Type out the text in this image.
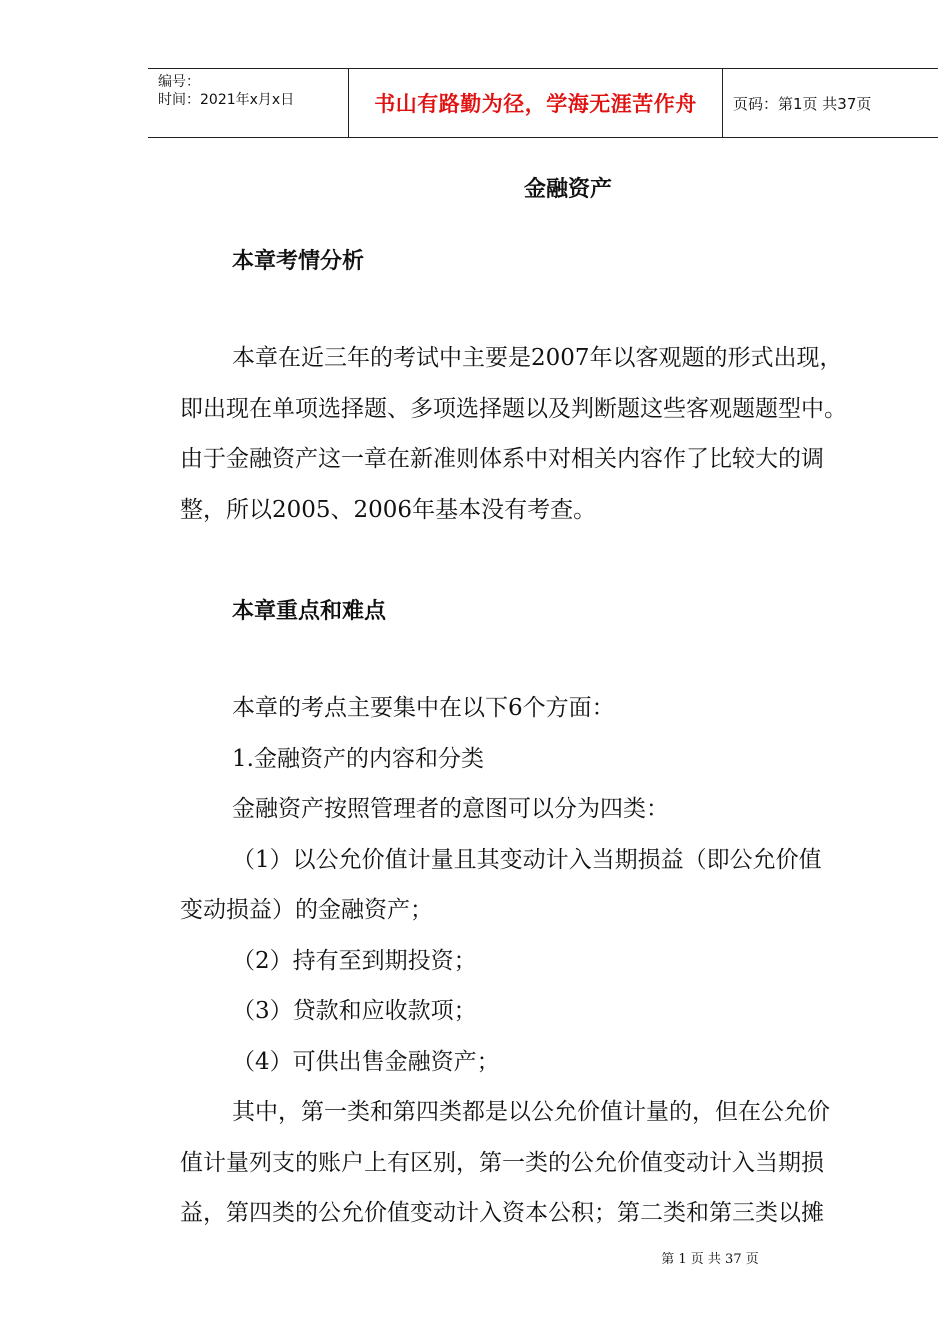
编号：
时间：2021年x月x日	书山有路勤为径，学海无涯苦作舟 页码：第1页 共37页
金融资产
本章考情分析
本章在近三年的考试中主要是2007年以客观题的形式出现，
即出现在单项选择题、多项选择题以及判断题这些客观题题型中。
由于金融资产这一章在新准则体系中对相关内容作了比较大的调
整，所以2005、2006年基本没有考查。
本章重点和难点
本章的考点主要集中在以下6个方面：
1.金融资产的内容和分类
金融资产按照管理者的意图可以分为四类：
（1）以公允价值计量且其变动计入当期损益（即公允价值
变动损益）的金融资产；
（2）持有至到期投资；
（3）贷款和应收款项；
（4）可供出售金融资产；
其中，第一类和第四类都是以公允价值计量的，但在公允价
值计量列支的账户上有区别，第一类的公允价值变动计入当期损
益，第四类的公允价值变动计入资本公积；第二类和第三类以摊
第 1 页 共 37 页
